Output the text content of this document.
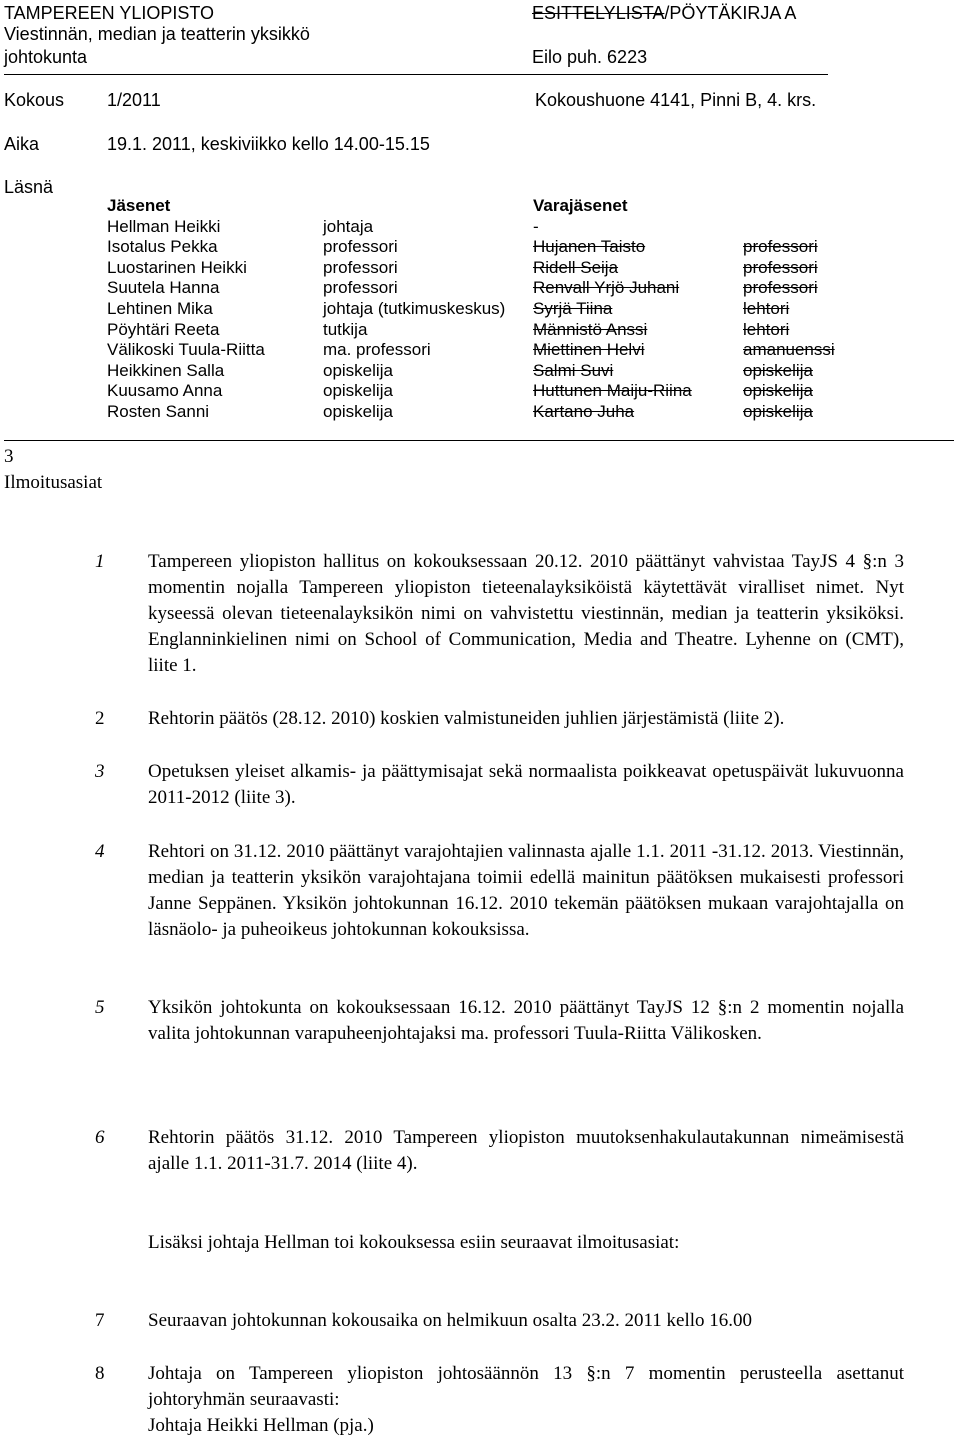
TAMPEREEN YLIOPISTO
Viestinnän, median ja teatterin yksikkö
johtokunta
ESITTELYLISTA/PÖYTÄKIRJA A
Eilo puh. 6223
Kokous 1/2011	Kokoushuone 4141, Pinni B, 4. krs.
Aika	19.1. 2011, keskiviikko kello 14.00-15.15
Läsnä
Jäsenet		Varajäsenet	
Hellman Heikki	johtaja	-	
Isotalus Pekka	professori	Hujanen Taisto	professori
Luostarinen Heikki	professori	Ridell Seija	professori
Suutela Hanna	professori	Renvall Yrjö Juhani	professori
Lehtinen Mika	johtaja (tutkimuskeskus)	Syrjä Tiina	lehtori
Pöyhtäri Reeta	tutkija	Männistö Anssi	lehtori
Välikoski Tuula-Riitta	ma. professori	Miettinen Helvi	amanuenssi
Heikkinen Salla	opiskelija	Salmi Suvi	opiskelija
Kuusamo Anna	opiskelija	Huttunen Maiju-Riina	opiskelija
Rosten Sanni	opiskelija	Kartano Juha	opiskelija
3
Ilmoitusasiat
1 Tampereen yliopiston hallitus on kokouksessaan 20.12. 2010 päättänyt vahvistaa TayJS 4 §:n 3 momentin nojalla Tampereen yliopiston tieteenalayksiköistä käytettävät viralliset nimet. Nyt kyseessä olevan tieteenalayksikön nimi on vahvistettu viestinnän, median ja teatterin yksiköksi. Englanninkielinen nimi on School of Communication, Media and Theatre. Lyhenne on (CMT), liite 1.
2 Rehtorin päätös (28.12. 2010) koskien valmistuneiden juhlien järjestämistä (liite 2).
3 Opetuksen yleiset alkamis- ja päättymisajat sekä normaalista poikkeavat opetuspäivät lukuvuonna 2011-2012 (liite 3).
4 Rehtori on 31.12. 2010 päättänyt varajohtajien valinnasta ajalle 1.1. 2011 -31.12. 2013. Viestinnän, median ja teatterin yksikön varajohtajana toimii edellä mainitun päätöksen mukaisesti professori Janne Seppänen. Yksikön johtokunnan 16.12. 2010 tekemän päätöksen mukaan varajohtajalla on läsnäolo- ja puheoikeus johtokunnan kokouksissa.
5 Yksikön johtokunta on kokouksessaan 16.12. 2010 päättänyt TayJS 12 §:n 2 momentin nojalla valita johtokunnan varapuheenjohtajaksi ma. professori Tuula-Riitta Välikosken.
6 Rehtorin päätös 31.12. 2010 Tampereen yliopiston muutoksenhakulautakunnan nimeämisestä ajalle 1.1. 2011-31.7. 2014 (liite 4).
Lisäksi johtaja Hellman toi kokouksessa esiin seuraavat ilmoitusasiat:
7 Seuraavan johtokunnan kokousaika on helmikuun osalta 23.2. 2011 kello 16.00
8 Johtaja on Tampereen yliopiston johtosäännön 13 §:n 7 momentin perusteella asettanut johtoryhmän seuraavasti:
Johtaja Heikki Hellman (pja.)
